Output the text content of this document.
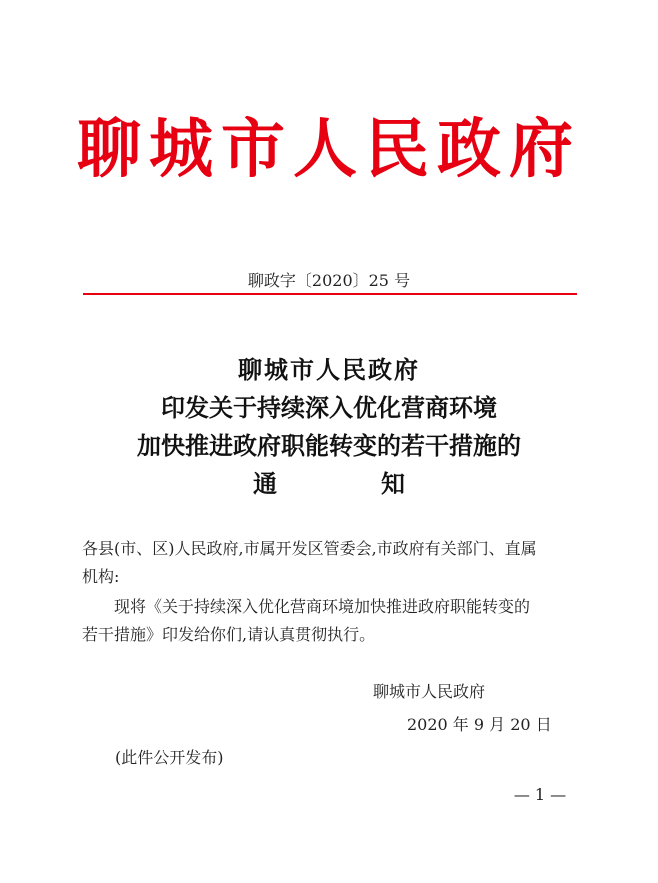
聊城市人民政府
聊政字〔2020〕25 号
聊城市人民政府
印发关于持续深入优化营商环境
加快推进政府职能转变的若干措施的
通	知
各县(市、区)人民政府,市属开发区管委会,市政府有关部门、直属
机构:
现将《关于持续深入优化营商环境加快推进政府职能转变的
若干措施》印发给你们,请认真贯彻执行。
聊城市人民政府
2020 年 9 月 20 日
(此件公开发布)
— 1 —
